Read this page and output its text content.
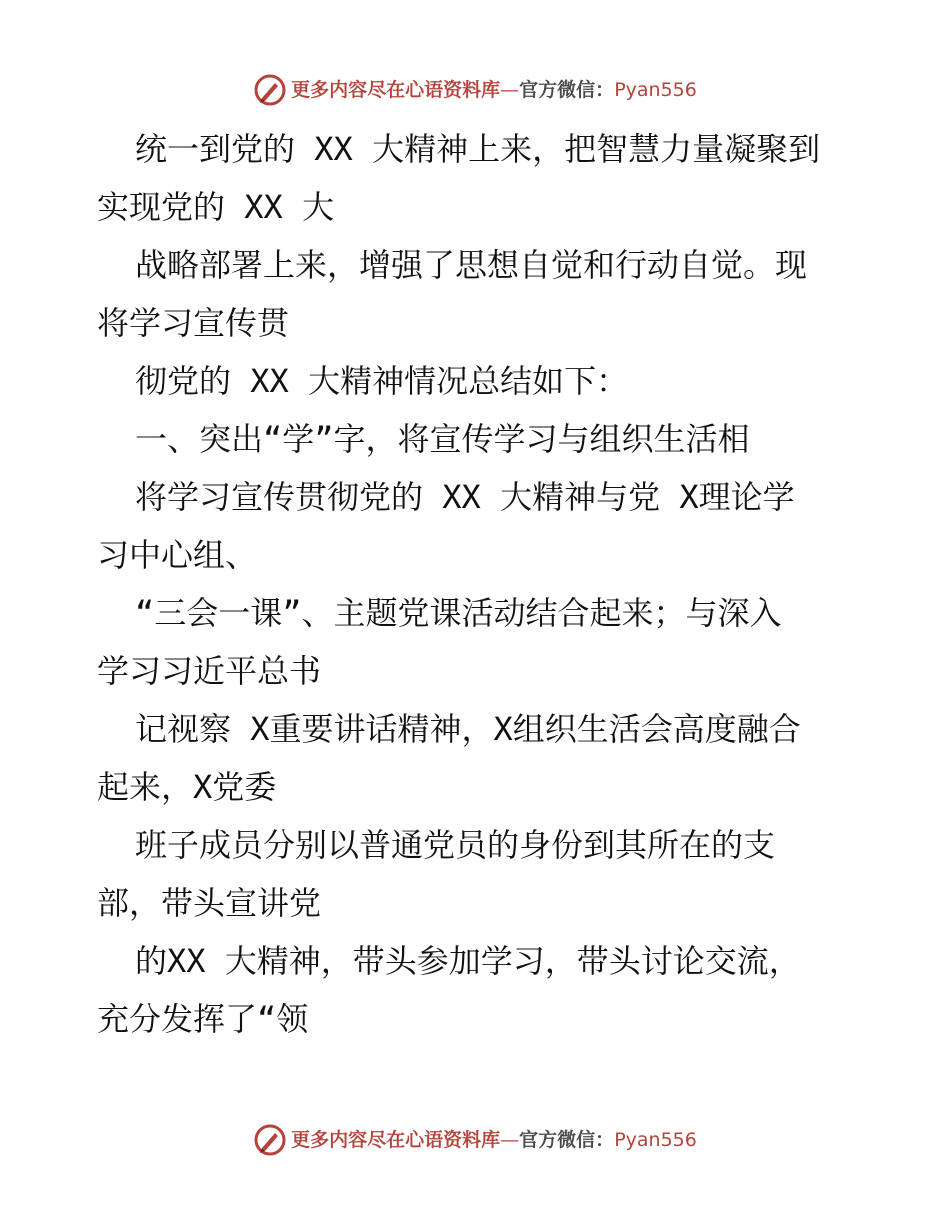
更多内容尽在心语资料库 — 官方微信： Pyan556

统一到党的 XX 大精神上来，把智慧力量凝聚到
实现党的 XX 大

战略部署上来，增强了思想自觉和行动自觉。现
将学习宣传贯

彻党的 XX 大精神情况总结如下：

一、突出“学”字，将宣传学习与组织生活相

将学习宣传贯彻党的 XX 大精神与党 X理论学
习中心组、

“三会一课”、主题党课活动结合起来；与深入
学习习近平总书

记视察 X重要讲话精神，X组织生活会高度融合
起来，X党委

班子成员分别以普通党员的身份到其所在的支
部，带头宣讲党

的XX 大精神，带头参加学习，带头讨论交流，
充分发挥了“领

更多内容尽在心语资料库 — 官方微信： Pyan556
